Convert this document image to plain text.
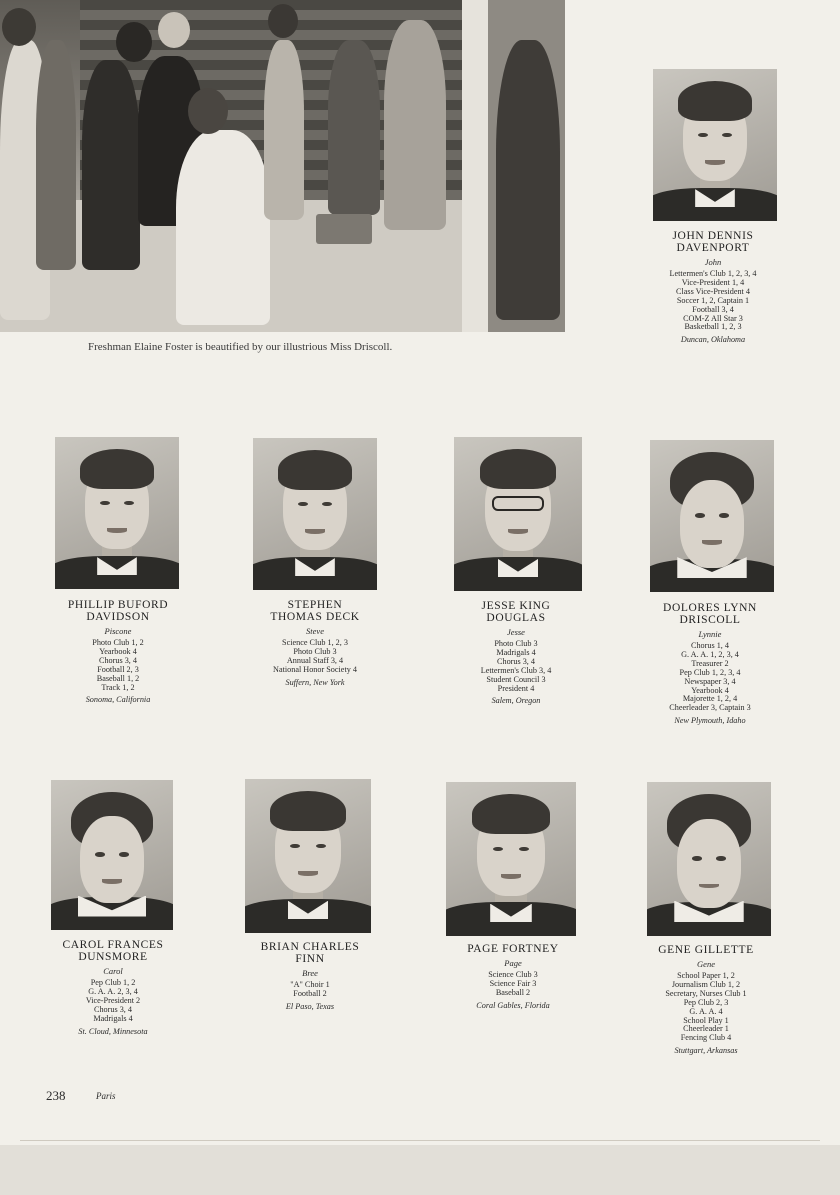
Freshman Elaine Foster is beautified by our illustrious Miss Driscoll.
JOHN DENNIS
DAVENPORT
John
Lettermen's Club 1, 2, 3, 4
Vice-President 1, 4
Class Vice-President 4
Soccer 1, 2, Captain 1
Football 3, 4
COM-Z All Star 3
Basketball 1, 2, 3
Duncan, Oklahoma
PHILLIP BUFORD
DAVIDSON
Piscone
Photo Club 1, 2
Yearbook 4
Chorus 3, 4
Football 2, 3
Baseball 1, 2
Track 1, 2
Sonoma, California
STEPHEN
THOMAS DECK
Steve
Science Club 1, 2, 3
Photo Club 3
Annual Staff 3, 4
National Honor Society 4
Suffern, New York
JESSE KING
DOUGLAS
Jesse
Photo Club 3
Madrigals 4
Chorus 3, 4
Lettermen's Club 3, 4
Student Council 3
President 4
Salem, Oregon
DOLORES LYNN
DRISCOLL
Lynnie
Chorus 1, 4
G. A. A. 1, 2, 3, 4
Treasurer 2
Pep Club 1, 2, 3, 4
Newspaper 3, 4
Yearbook 4
Majorette 1, 2, 4
Cheerleader 3, Captain 3
New Plymouth, Idaho
CAROL FRANCES
DUNSMORE
Carol
Pep Club 1, 2
G. A. A. 2, 3, 4
Vice-President 2
Chorus 3, 4
Madrigals 4
St. Cloud, Minnesota
BRIAN CHARLES
FINN
Bree
"A" Choir 1
Football 2
El Paso, Texas
PAGE FORTNEY
Page
Science Club 3
Science Fair 3
Baseball 2
Coral Gables, Florida
GENE GILLETTE
Gene
School Paper 1, 2
Journalism Club 1, 2
Secretary, Nurses Club 1
Pep Club 2, 3
G. A. A. 4
School Play 1
Cheerleader 1
Fencing Club 4
Stuttgart, Arkansas
238	Paris
